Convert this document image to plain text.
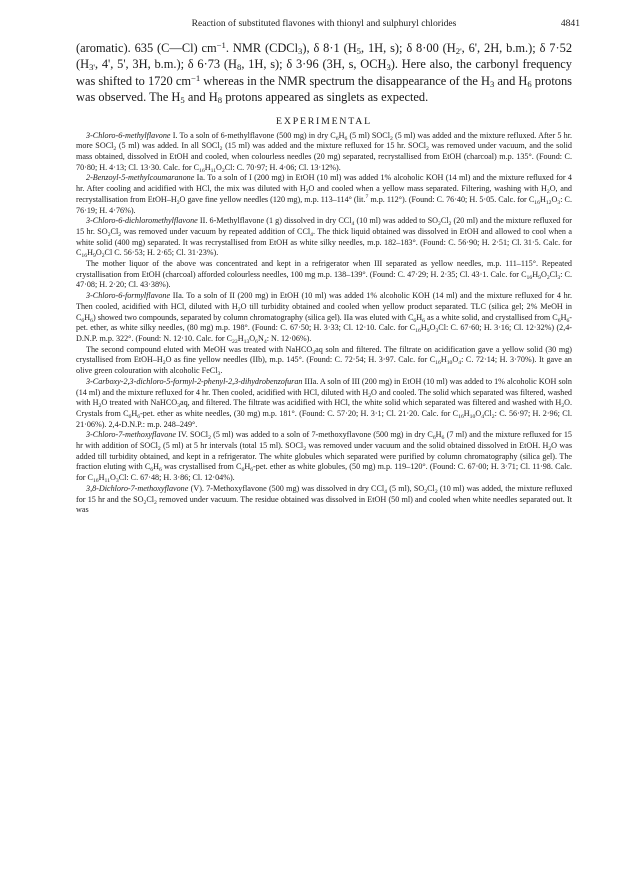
Reaction of substituted flavones with thionyl and sulphuryl chlorides	4841
(aromatic). 635 (C—Cl) $cm^{-1}$. NMR (CDCl$_3$), δ 8·1 ($H_5$, 1H, s); δ 8·00 ($H_{2'}$, 6', 2H, b.m.); δ 7·52 ($H_{3'}$, 4', 5', 3H, b.m.); δ 6·73 ($H_8$, 1H, s); δ 3·96 (3H, s, $OCH_3$). Here also, the carbonyl frequency was shifted to 1720 $cm^{-1}$ whereas in the NMR spectrum the disappearance of the $H_3$ and $H_6$ protons was observed. The $H_5$ and $H_8$ protons appeared as singlets as expected.
EXPERIMENTAL

3-Chloro-6-methylflavone I. To a soln of 6-methylflavone (500 mg) in dry $C_6H_6$ (5 ml) SOCl$_2$ (5 ml) was added and the mixture refluxed. After 5 hr. more SOCl$_2$ (5 ml) was added. In all SOCl$_2$ (15 ml) was added and the mixture refluxed for 15 hr. SOCl$_2$ was removed under vacuum, and the solid mass obtained, dissolved in EtOH and cooled, when colourless needles (20 mg) separated, recrystallised from EtOH (charcoal) m.p. 135°. (Found: C. 70·80; H. 4·13; Cl. 13·30. Calc. for $C_{16}H_{11}O_2Cl$: C. 70·97; H. 4·06; Cl. 13·12%).

2-Benzoyl-5-methylcoumaranone Ia. To a soln of I (200 mg) in EtOH (10 ml) was added 1% alcoholic KOH (14 ml) and the mixture refluxed for 4 hr. After cooling and acidified with HCl, the mix was diluted with $H_2O$ and cooled when a yellow mass separated. Filtering, washing with $H_2O$, and recrystallisation from EtOH–$H_2O$ gave fine yellow needles (120 mg), m.p. 113–114° (lit.$^7$ m.p. 112°). (Found: C. 76·40; H. 5·05. Calc. for $C_{16}H_{12}O_3$: C. 76·19; H. 4·76%).

3-Chloro-6-dichloromethylflavone II. 6-Methylflavone (1 g) dissolved in dry CCl$_4$ (10 ml) was added to $SO_2Cl_2$ (20 ml) and the mixture refluxed for 15 hr. $SO_2Cl_2$ was removed under vacuum by repeated addition of CCl$_4$. The thick liquid obtained was dissolved in EtOH and allowed to cool when a white solid (400 mg) separated. It was recrystallised from EtOH as white silky needles, m.p. 182–183°. (Found: C. 56·90; H. 2·51; Cl. 31·5. Calc. for $C_{16}H_9O_2Cl$ C. 56·53; H. 2·65; Cl. 31·23%).

The mother liquor of the above was concentrated and kept in a refrigerator when III separated as yellow needles, m.p. 111–115°. Repeated crystallisation from EtOH (charcoal) afforded colourless needles, 100 mg m.p. 138–139°. (Found: C. 47·29; H. 2·35; Cl. 43·1. Calc. for $C_{16}H_9O_2Cl_3$: C. 47·08; H. 2·20; Cl. 43·38%).

3-Chloro-6-formylflavone IIa. To a soln of II (200 mg) in EtOH (10 ml) was added 1% alcoholic KOH (14 ml) and the mixture refluxed for 4 hr. Then cooled, acidified with HCl, diluted with $H_2O$ till turbidity obtained and cooled when yellow product separated. TLC (silica gel; 2% MeOH in $C_6H_6$) showed two compounds, separated by column chromatography (silica gel). IIa was eluted with $C_6H_6$ as a white solid, and crystallised from $C_6H_6$-pet. ether, as white silky needles, (80 mg) m.p. 198°. (Found: C. 67·50; H. 3·33; Cl. 12·10. Calc. for $C_{16}H_9O_3Cl$: C. 67·60; H. 3·16; Cl. 12·32%) (2,4-D.N.P. m.p. 322°. (Found: N. 12·10. Calc. for $C_{22}H_{13}O_6N_4$: N. 12·06%).

The second compound eluted with MeOH was treated with NaHCO$_3$aq soln and filtered. The filtrate on acidification gave a yellow solid (30 mg) crystallised from EtOH–$H_2O$ as fine yellow needles (IIb), m.p. 145°. (Found: C. 72·54; H. 3·97. Calc. for $C_{16}H_{10}O_4$: C. 72·14; H. 3·70%). It gave an olive green colouration with alcoholic FeCl$_3$.

3-Carboxy-2,3-dichloro-5-formyl-2-phenyl-2,3-dihydrobenzofuran IIIa. A soln of III (200 mg) in EtOH (10 ml) was added to 1% alcoholic KOH soln (14 ml) and the mixture refluxed for 4 hr. Then cooled, acidified with HCl, diluted with $H_2O$ and cooled. The solid which separated was filtered, washed with $H_2O$ treated with NaHCO$_3$aq, and filtered. The filtrate was acidified with HCl, the white solid which separated was filtered and washed with $H_2O$. Crystals from $C_6H_6$-pet. ether as white needles, (30 mg) m.p. 181°. (Found: C. 57·20; H. 3·1; Cl. 21·20. Calc. for $C_{16}H_{10}O_4Cl_2$: C. 56·97; H. 2·96; Cl. 21·06%). 2,4-D.N.P.: m.p. 248–249°.

3-Chloro-7-methoxyflavone IV. SOCl$_2$ (5 ml) was added to a soln of 7-methoxyflavone (500 mg) in dry $C_6H_6$ (7 ml) and the mixture refluxed for 15 hr with addition of SOCl$_2$ (5 ml) at 5 hr intervals (total 15 ml). SOCl$_2$ was removed under vacuum and the solid obtained dissolved in EtOH. $H_2O$ was added till turbidity obtained, and kept in a refrigerator. The white globules which separated were purified by column chromatography (silica gel). The fraction eluting with $C_6H_6$ was crystallised from $C_6H_6$-pet. ether as white globules, (50 mg) m.p. 119–120°. (Found: C. 67·00; H. 3·71; Cl. 11·98. Calc. for $C_{16}H_{11}O_3Cl$: C. 67·48; H. 3·86; Cl. 12·04%).

3,8-Dichloro-7-methoxyflavone (V). 7-Methoxyflavone (500 mg) was dissolved in dry CCl$_4$ (5 ml), $SO_2Cl_2$ (10 ml) was added, the mixture refluxed for 15 hr and the $SO_2Cl_2$ removed under vacuum. The residue obtained was dissolved in EtOH (50 ml) and cooled when white needles separated out. It was
